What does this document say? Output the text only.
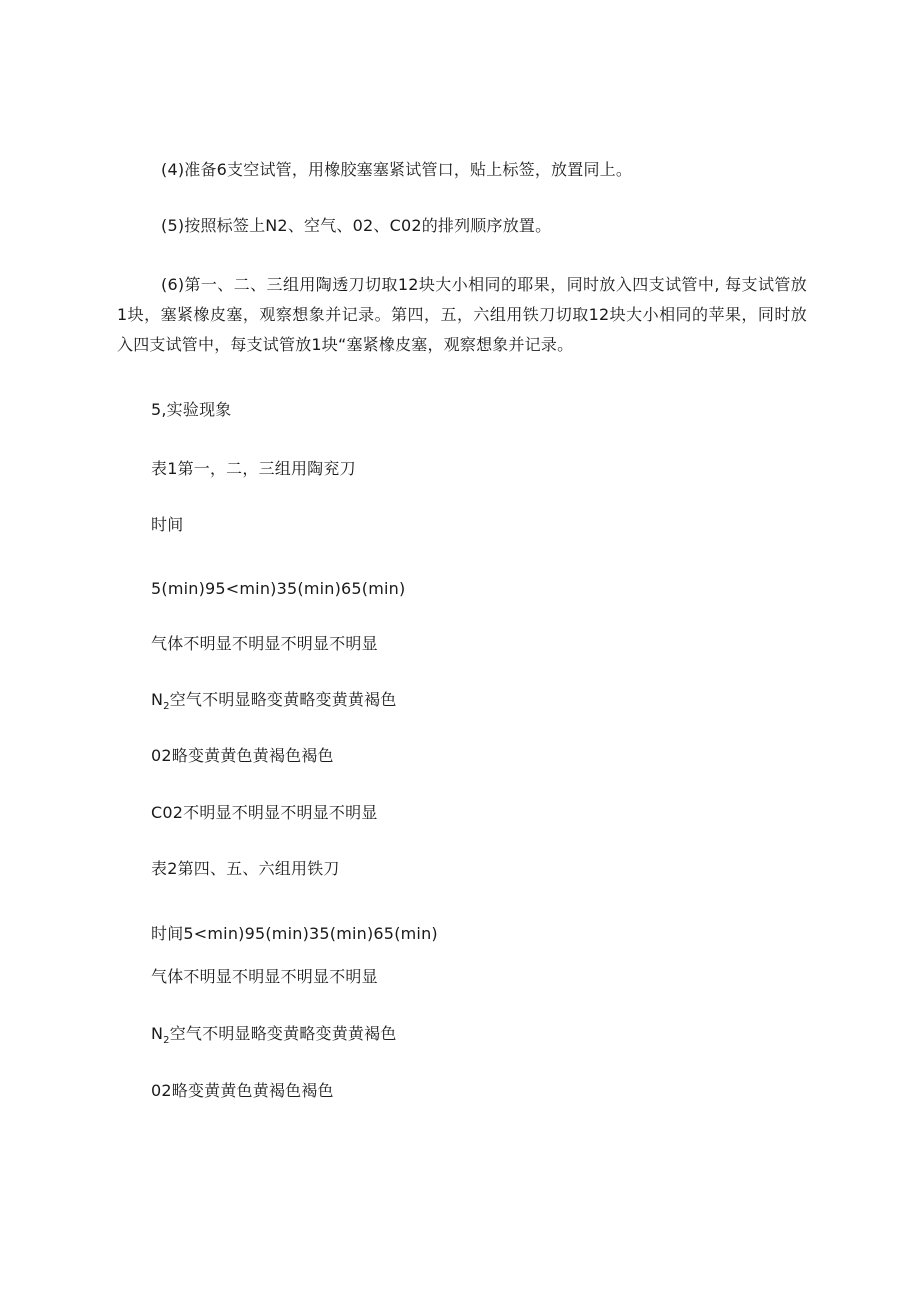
(4)准备6支空试管，用橡胶塞塞紧试管口，贴上标签，放置同上。

(5)按照标签上N2、空气、02、C02的排列顺序放置。

(6)第一、二、三组用陶透刀切取12块大小相同的耶果，同时放入四支试管中, 每支试管放1块，塞紧橡皮塞，观察想象并记录。第四，五，六组用铁刀切取12块大小相同的苹果，同时放入四支试管中，每支试管放1块“塞紧橡皮塞，观察想象并记录。

5,实验现象

表1第一，二，三组用陶兖刀

时间

5(min)95<min)35(min)65(min)

气体不明显不明显不明显不明显

$N_2$空气不明显略变黄略变黄黄褐色

02略变黄黄色黄褐色褐色

C02不明显不明显不明显不明显

表2第四、五、六组用铁刀

时间5<min)95(min)35(min)65(min)

气体不明显不明显不明显不明显

$N_2$空气不明显略变黄略变黄黄褐色

02略变黄黄色黄褐色褐色
